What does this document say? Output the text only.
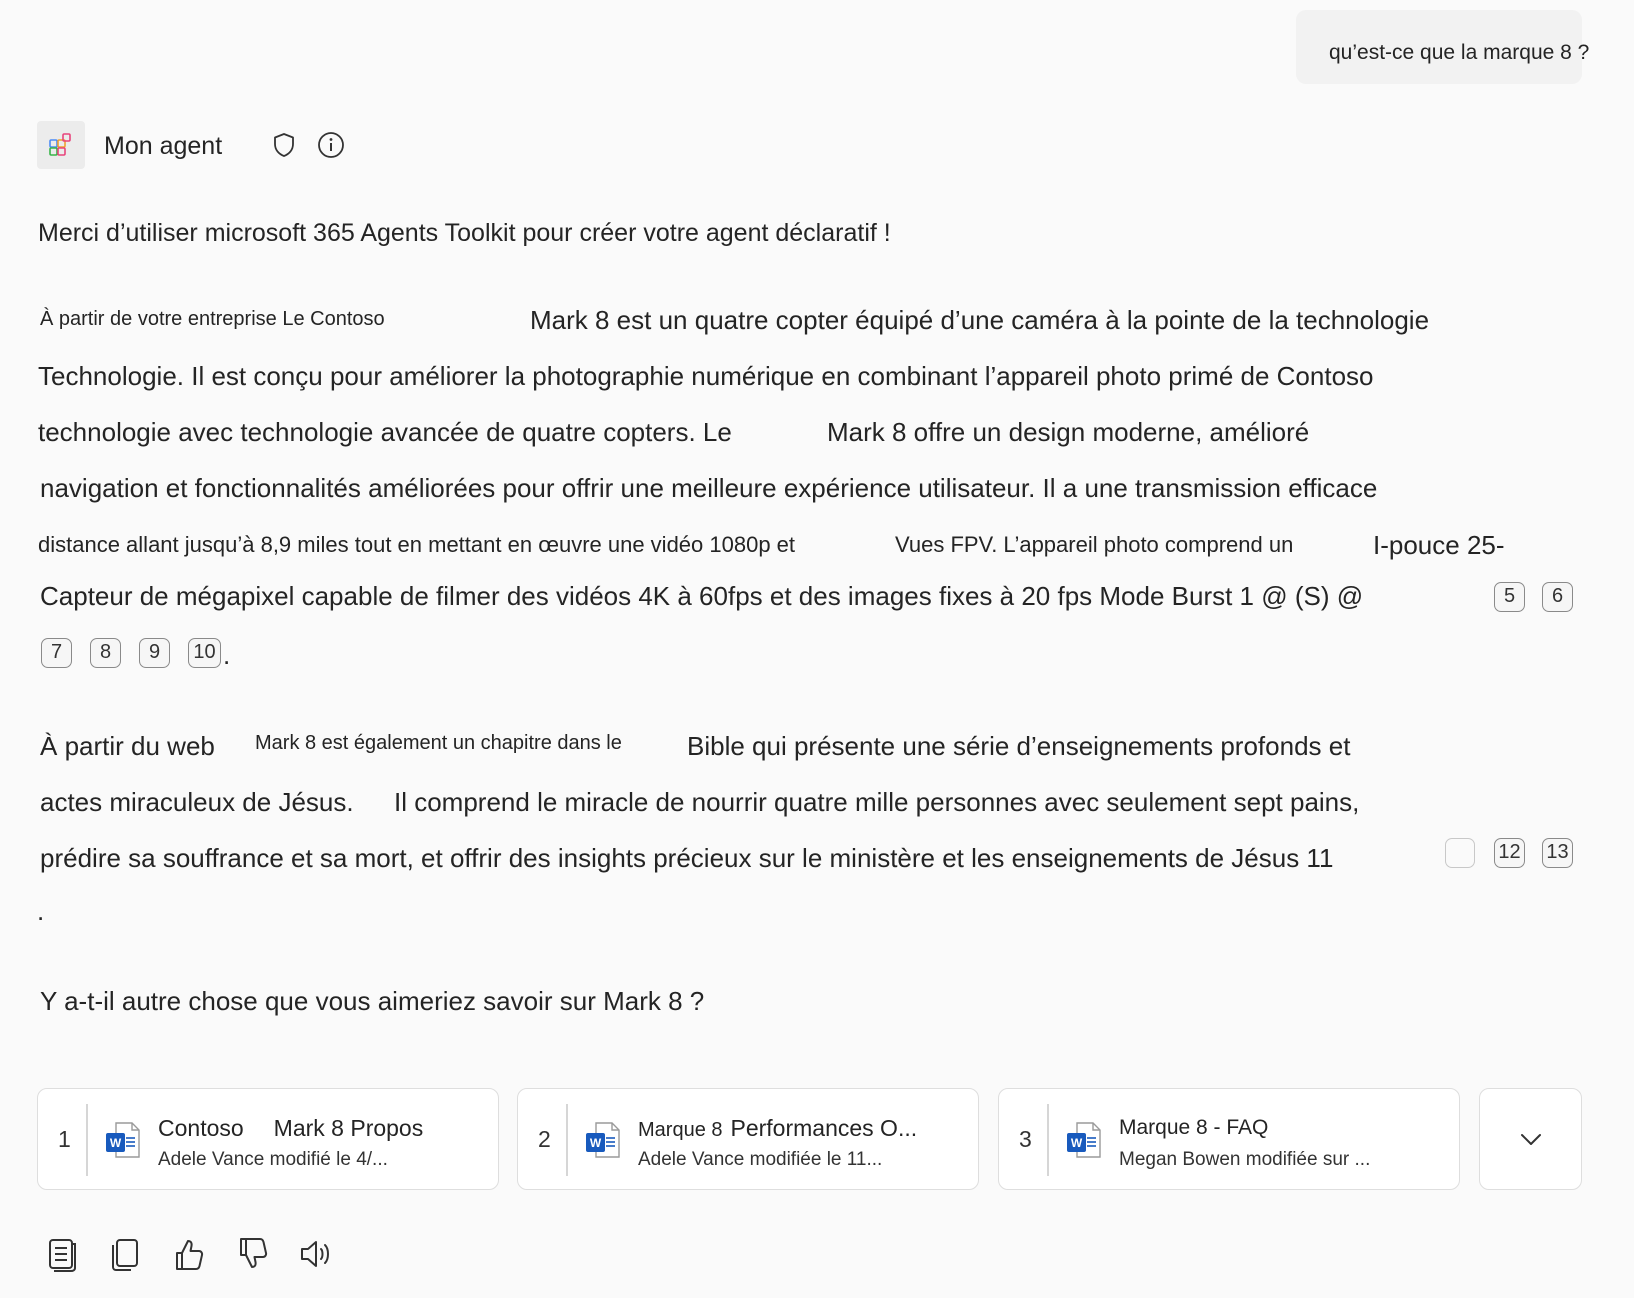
qu’est-ce que la marque 8 ?
Mon agent
Merci d’utiliser microsoft 365 Agents Toolkit pour créer votre agent déclaratif !
À partir de votre entreprise Le Contoso	Mark 8 est un quatre copter équipé d’une caméra à la pointe de la technologie
Technologie. Il est conçu pour améliorer la photographie numérique en combinant l’appareil photo primé de Contoso
technologie avec technologie avancée de quatre copters. Le	Mark 8 offre un design moderne, amélioré
navigation et fonctionnalités améliorées pour offrir une meilleure expérience utilisateur. Il a une transmission efficace
distance allant jusqu’à 8,9 miles tout en mettant en œuvre une vidéo 1080p et	Vues FPV. L’appareil photo comprend un	I-pouce 25-
Capteur de mégapixel capable de filmer des vidéos 4K à 60fps et des images fixes à 20 fps Mode Burst 1 @ (S) @	5	6
7	8	9	10 .
À partir du web Mark 8 est également un chapitre dans le	Bible qui présente une série d’enseignements profonds et
actes miraculeux de Jésus. Il comprend le miracle de nourrir quatre mille personnes avec seulement sept pains,
prédire sa souffrance et sa mort, et offrir des insights précieux sur le ministère et les enseignements de Jésus 11	12 13
.
Y a-t-il autre chose que vous aimeriez savoir sur Mark 8 ?
1	W
Contoso Mark 8 Propos
Adele Vance modifié le 4/...
2	W
Marque 8 Performances O...
Adele Vance modifiée le 11...
3	W
Marque 8 - FAQ
Megan Bowen modifiée sur ...
